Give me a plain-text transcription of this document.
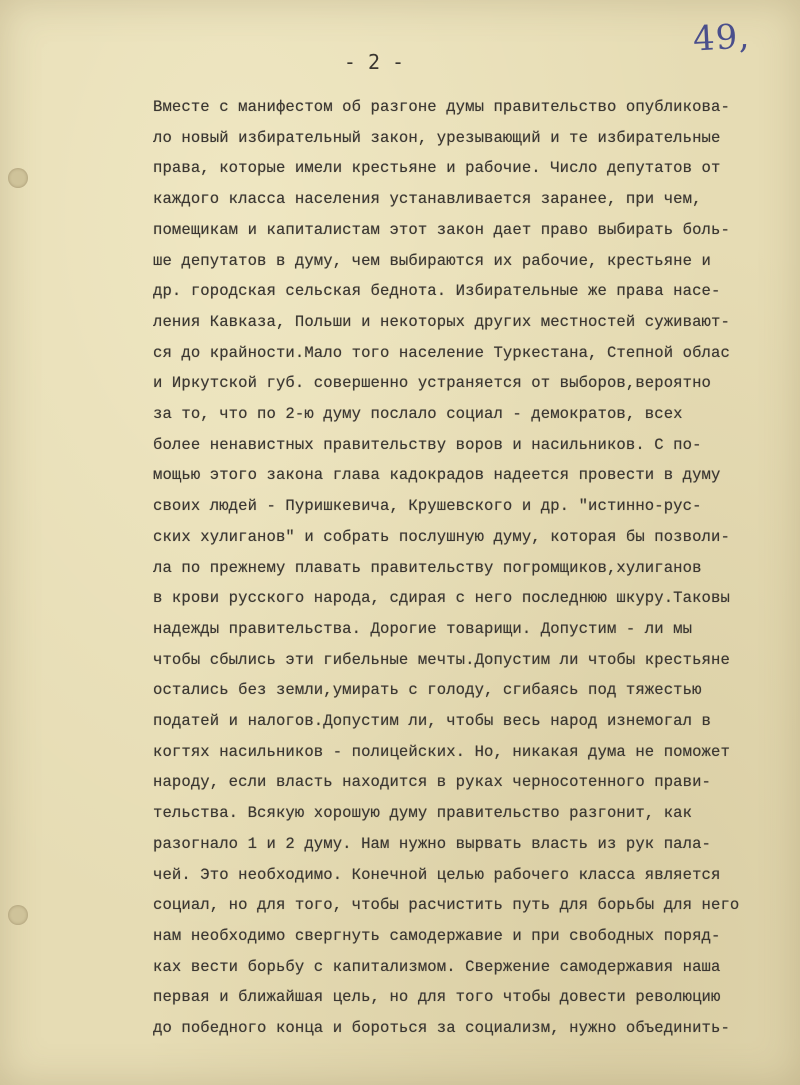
49,
- 2 -
Вместе с манифестом об разгоне думы правительство опубликова-
ло новый избирательный закон, урезывающий и те избирательные
права, которые имели крестьяне и рабочие. Число депутатов от
каждого класса населения устанавливается заранее, при чем,
помещикам и капиталистам этот закон дает право выбирать боль-
ше депутатов в думу, чем выбираются их рабочие, крестьяне и
др. городская сельская беднота. Избирательные же права насе-
ления Кавказа, Польши и некоторых других местностей суживают-
ся до крайности.Мало того население Туркестана, Степной облас
и Иркутской губ. совершенно устраняется от выборов,вероятно
за то, что по 2-ю думу послало социал - демократов, всех
более ненавистных правительству воров и насильников. С по-
мощью этого закона глава кадокрадов надеется провести в думу
своих людей - Пуришкевича, Крушевского и др. "истинно-рус-
ских хулиганов" и собрать послушную думу, которая бы позволи-
ла по прежнему плавать правительству погромщиков,хулиганов
в крови русского народа, сдирая с него последнюю шкуру.Таковы
надежды правительства. Дорогие товарищи. Допустим - ли мы
чтобы сбылись эти гибельные мечты.Допустим ли чтобы крестьяне
остались без земли,умирать с голоду, сгибаясь под тяжестью
податей и налогов.Допустим ли, чтобы весь народ изнемогал в
когтях насильников - полицейских. Но, никакая дума не поможет
народу, если власть находится в руках черносотенного прави-
тельства. Всякую хорошую думу правительство разгонит, как
разогнало 1 и 2 думу. Нам нужно вырвать власть из рук пала-
чей. Это необходимо. Конечной целью рабочего класса является
социал, но для того, чтобы расчистить путь для борьбы для него
нам необходимо свергнуть самодержавие и при свободных поряд-
ках вести борьбу с капитализмом. Свержение самодержавия наша
первая и ближайшая цель, но для того чтобы довести революцию
до победного конца и бороться за социализм, нужно объединить-
